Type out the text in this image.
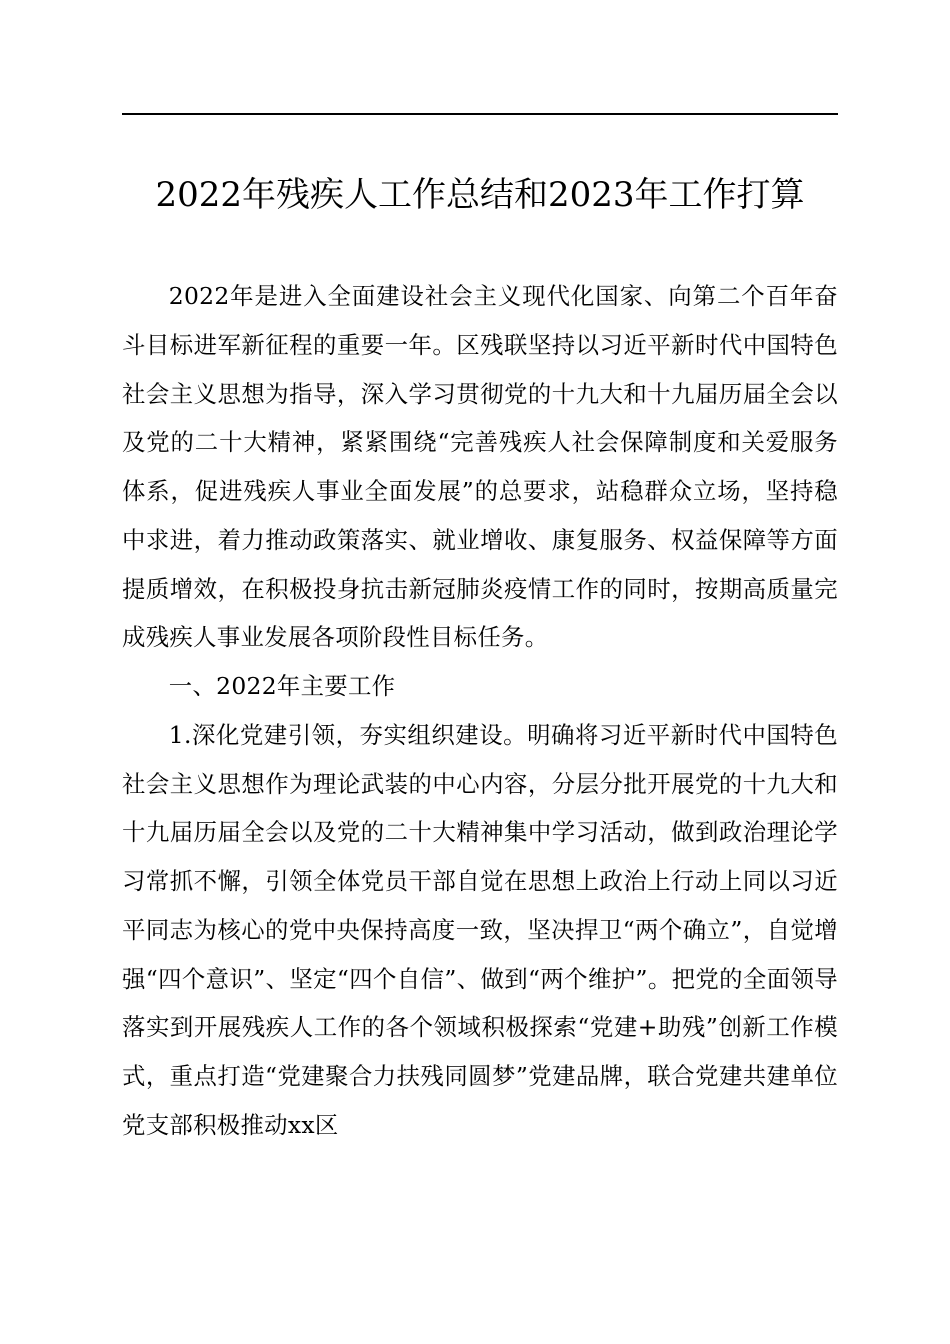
2022年残疾人工作总结和2023年工作打算

2022年是进入全面建设社会主义现代化国家、向第二个百年奋斗目标进军新征程的重要一年。区残联坚持以习近平新时代中国特色社会主义思想为指导，深入学习贯彻党的十九大和十九届历届全会以及党的二十大精神，紧紧围绕“完善残疾人社会保障制度和关爱服务体系，促进残疾人事业全面发展”的总要求，站稳群众立场，坚持稳中求进，着力推动政策落实、就业增收、康复服务、权益保障等方面提质增效，在积极投身抗击新冠肺炎疫情工作的同时，按期高质量完成残疾人事业发展各项阶段性目标任务。

一、2022年主要工作

1.深化党建引领，夯实组织建设。明确将习近平新时代中国特色社会主义思想作为理论武装的中心内容，分层分批开展党的十九大和十九届历届全会以及党的二十大精神集中学习活动，做到政治理论学习常抓不懈，引领全体党员干部自觉在思想上政治上行动上同以习近平同志为核心的党中央保持高度一致，坚决捍卫“两个确立”，自觉增强“四个意识”、坚定“四个自信”、做到“两个维护”。把党的全面领导落实到开展残疾人工作的各个领域积极探索“党建+助残”创新工作模式，重点打造“党建聚合力扶残同圆梦”党建品牌，联合党建共建单位党支部积极推动xx区
